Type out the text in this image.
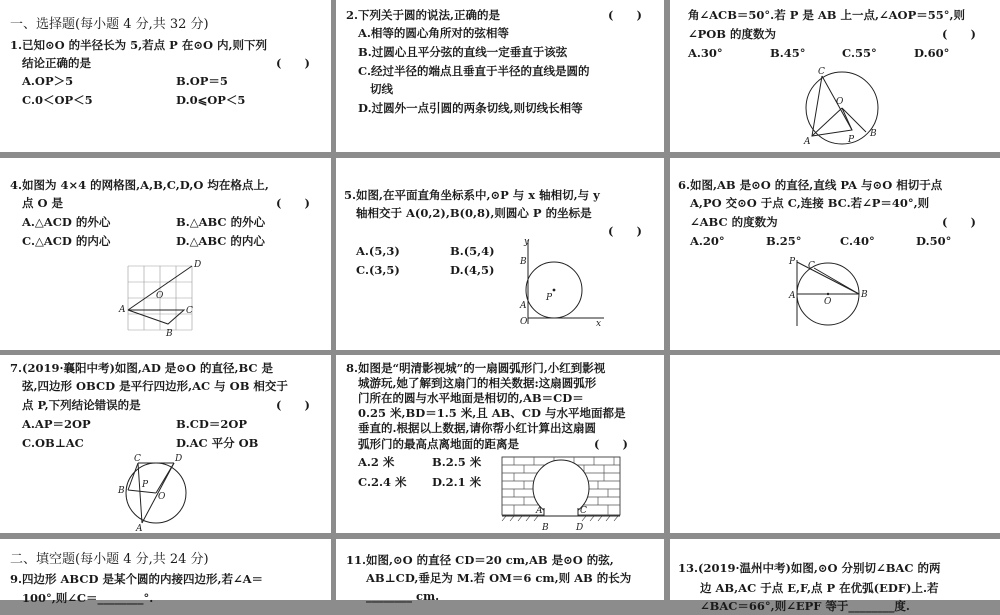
一、选择题(每小题 4 分,共 32 分)
1.已知⊙O 的半径长为 5,若点 P 在⊙O 内,则下列
结论正确的是	(　　)
A.OP＞5	B.OP＝5
C.0＜OP＜5	D.0⩽OP＜5
2.下列关于圆的说法,正确的是	(　　)
A.相等的圆心角所对的弦相等
B.过圆心且平分弦的直线一定垂直于该弦
C.经过半径的端点且垂直于半径的直线是圆的
切线
D.过圆外一点引圆的两条切线,则切线长相等
角∠ACB＝50°.若 P 是 AB 上一点,∠AOP＝55°,则
∠POB 的度数为	(　　)
A.30°	B.45°	C.55°	D.60°
C
O
A	P
B
4.如图为 4×4 的网格图,A,B,C,D,O 均在格点上,
点 O 是	(　　)
A.△ACD 的外心	B.△ABC 的外心
C.△ACD 的内心	D.△ABC 的内心
D
O
A	C
B
5.如图,在平面直角坐标系中,⊙P 与 x 轴相切,与 y
轴相交于 A(0,2),B(0,8),则圆心 P 的坐标是
(　　)
A.(5,3)	B.(5,4)
C.(3,5)	D.(4,5)
y
B
P
A
O	x
6.如图,AB 是⊙O 的直径,直线 PA 与⊙O 相切于点
A,PO 交⊙O 于点 C,连接 BC.若∠P＝40°,则
∠ABC 的度数为	(　　)
A.20°	B.25°	C.40°	D.50°
P C
A
O
B
7.(2019·襄阳中考)如图,AD 是⊙O 的直径,BC 是
弦,四边形 OBCD 是平行四边形,AC 与 OB 相交于
点 P,下列结论错误的是	(　　)
A.AP＝2OP	B.CD＝2OP
C.OB⊥AC	D.AC 平分 OB
C	D
B
P
O
A
8.如图是“明清影视城”的一扇圆弧形门,小红到影视
城游玩,她了解到这扇门的相关数据:这扇圆弧形
门所在的圆与水平地面是相切的,AB＝CD＝
0.25 米,BD＝1.5 米,且 AB、CD 与水平地面都是
垂直的.根据以上数据,请你帮小红计算出这扇圆
弧形门的最高点离地面的距离是	(　　)
A.2 米	B.2.5 米
C.2.4 米 D.2.1 米
A	C
B	D
二、填空题(每小题 4 分,共 24 分)
9.四边形 ABCD 是某个圆的内接四边形,若∠A＝
100°,则∠C＝________°.
11.如图,⊙O 的直径 CD＝20 cm,AB 是⊙O 的弦,
AB⊥CD,垂足为 M.若 OM＝6 cm,则 AB 的长为
________ cm.
13.(2019·温州中考)如图,⊙O 分别切∠BAC 的两
边 AB,AC 于点 E,F,点 P 在优弧(EDF)上.若
∠BAC＝66°,则∠EPF 等于________度.
